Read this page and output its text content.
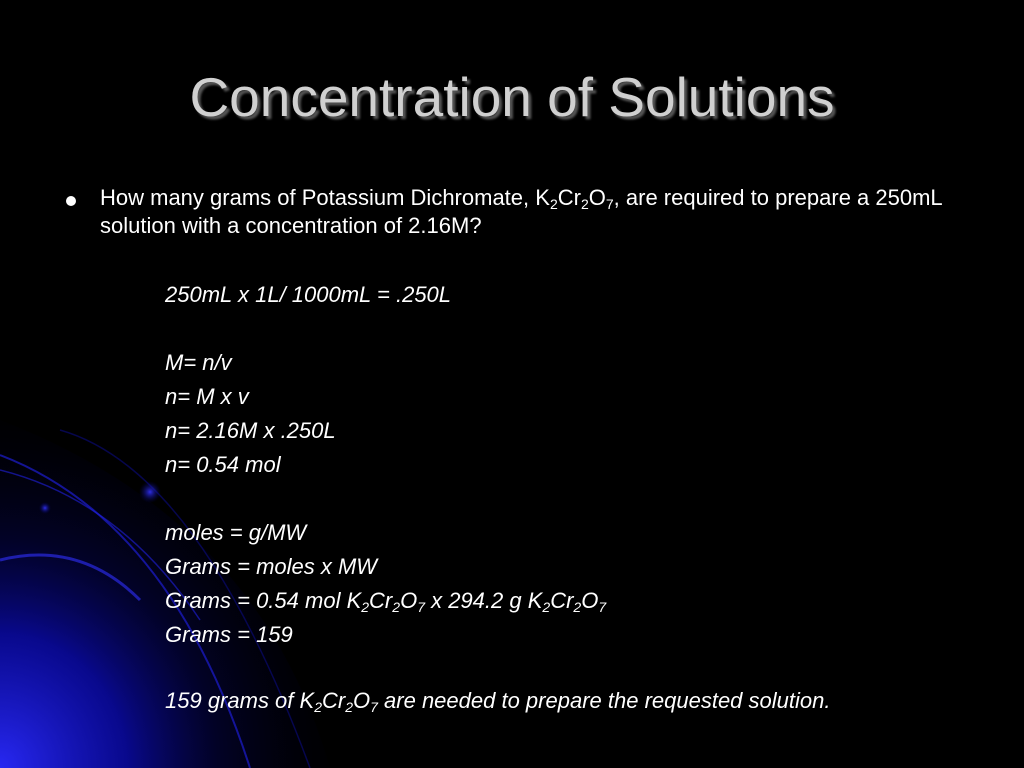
Concentration of Solutions
How many grams of Potassium Dichromate, $K_2Cr_2O_7$, are required to prepare a 250mL solution with a concentration of 2.16M?
250mL x 1L/ 1000mL = .250L
M= n/v
n= M x v
n= 2.16M x .250L
n= 0.54 mol
moles = g/MW
Grams = moles x MW
Grams = 0.54 mol $K_2Cr_2O_7$ x 294.2 g $K_2Cr_2O_7$
Grams = 159
159 grams of $K_2Cr_2O_7$ are needed to prepare the requested solution.
